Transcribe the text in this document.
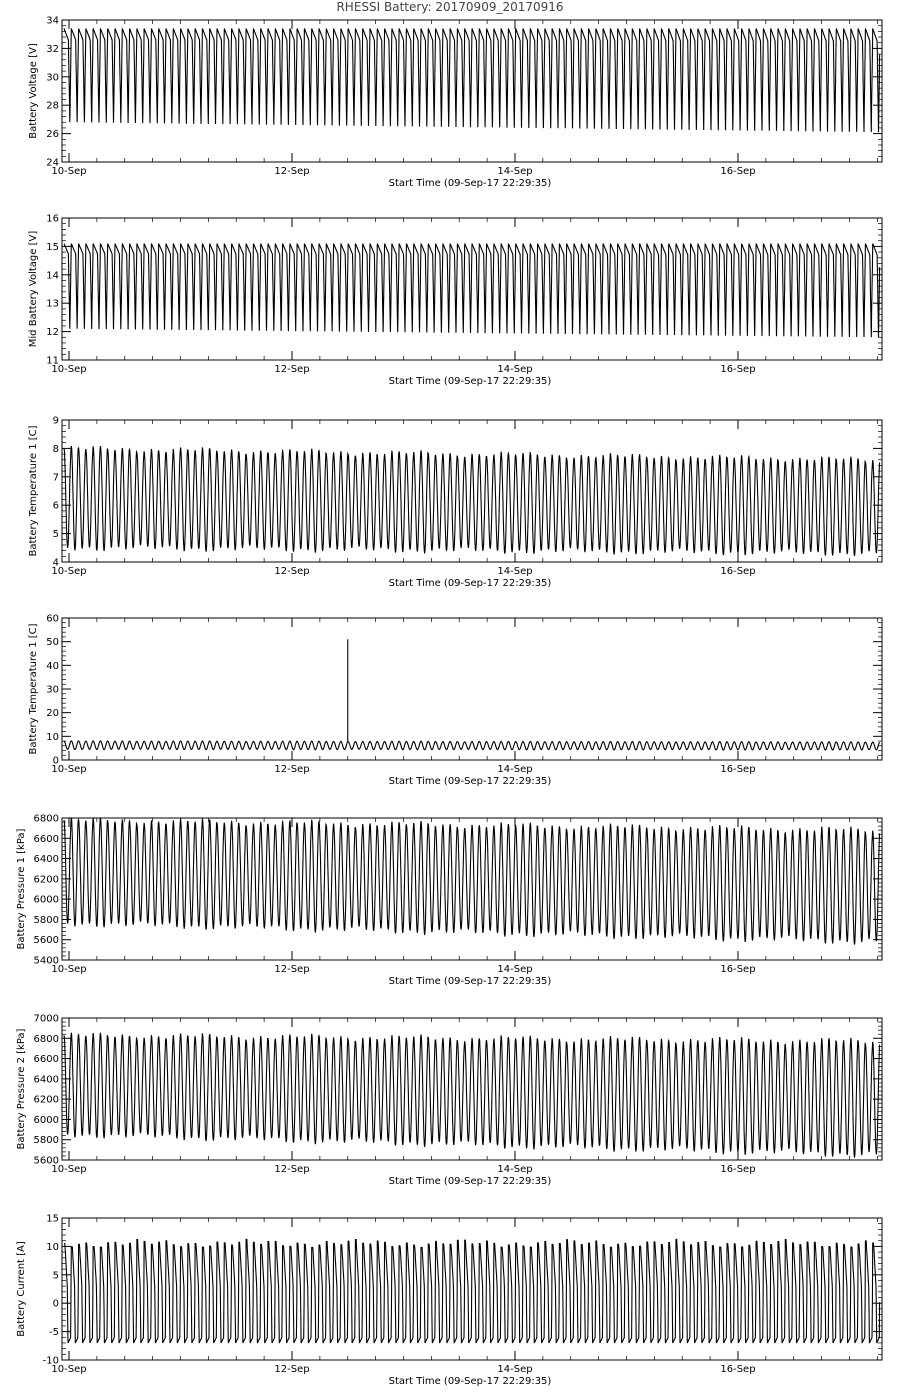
RHESSI Battery: 20170909_20170916
24
26
28
30
32
34
10-Sep	12-Sep	14-Sep	16-Sep
Start Time (09-Sep-17 22:29:35)
Battery Voltage [V]
11
12
13
14
15
16
10-Sep	12-Sep	14-Sep	16-Sep
Start Time (09-Sep-17 22:29:35)
Mid Battery Voltage [V]
4
5
6
7
8
9
10-Sep	12-Sep	14-Sep	16-Sep
Start Time (09-Sep-17 22:29:35)
Battery Temperature 1 [C]
0
10
20
30
40
50
60
10-Sep	12-Sep	14-Sep	16-Sep
Start Time (09-Sep-17 22:29:35)
Battery Temperature 1 [C]
5400
5600
5800
6000
6200
6400
6600
6800
10-Sep	12-Sep	14-Sep	16-Sep
Start Time (09-Sep-17 22:29:35)
Battery Pressure 1 [kPa]
5600
5800
6000
6200
6400
6600
6800
7000
10-Sep	12-Sep	14-Sep	16-Sep
Start Time (09-Sep-17 22:29:35)
Battery Pressure 2 [kPa]
-10
-5
0
5
10
15
10-Sep	12-Sep	14-Sep	16-Sep
Start Time (09-Sep-17 22:29:35)
Battery Current [A]
